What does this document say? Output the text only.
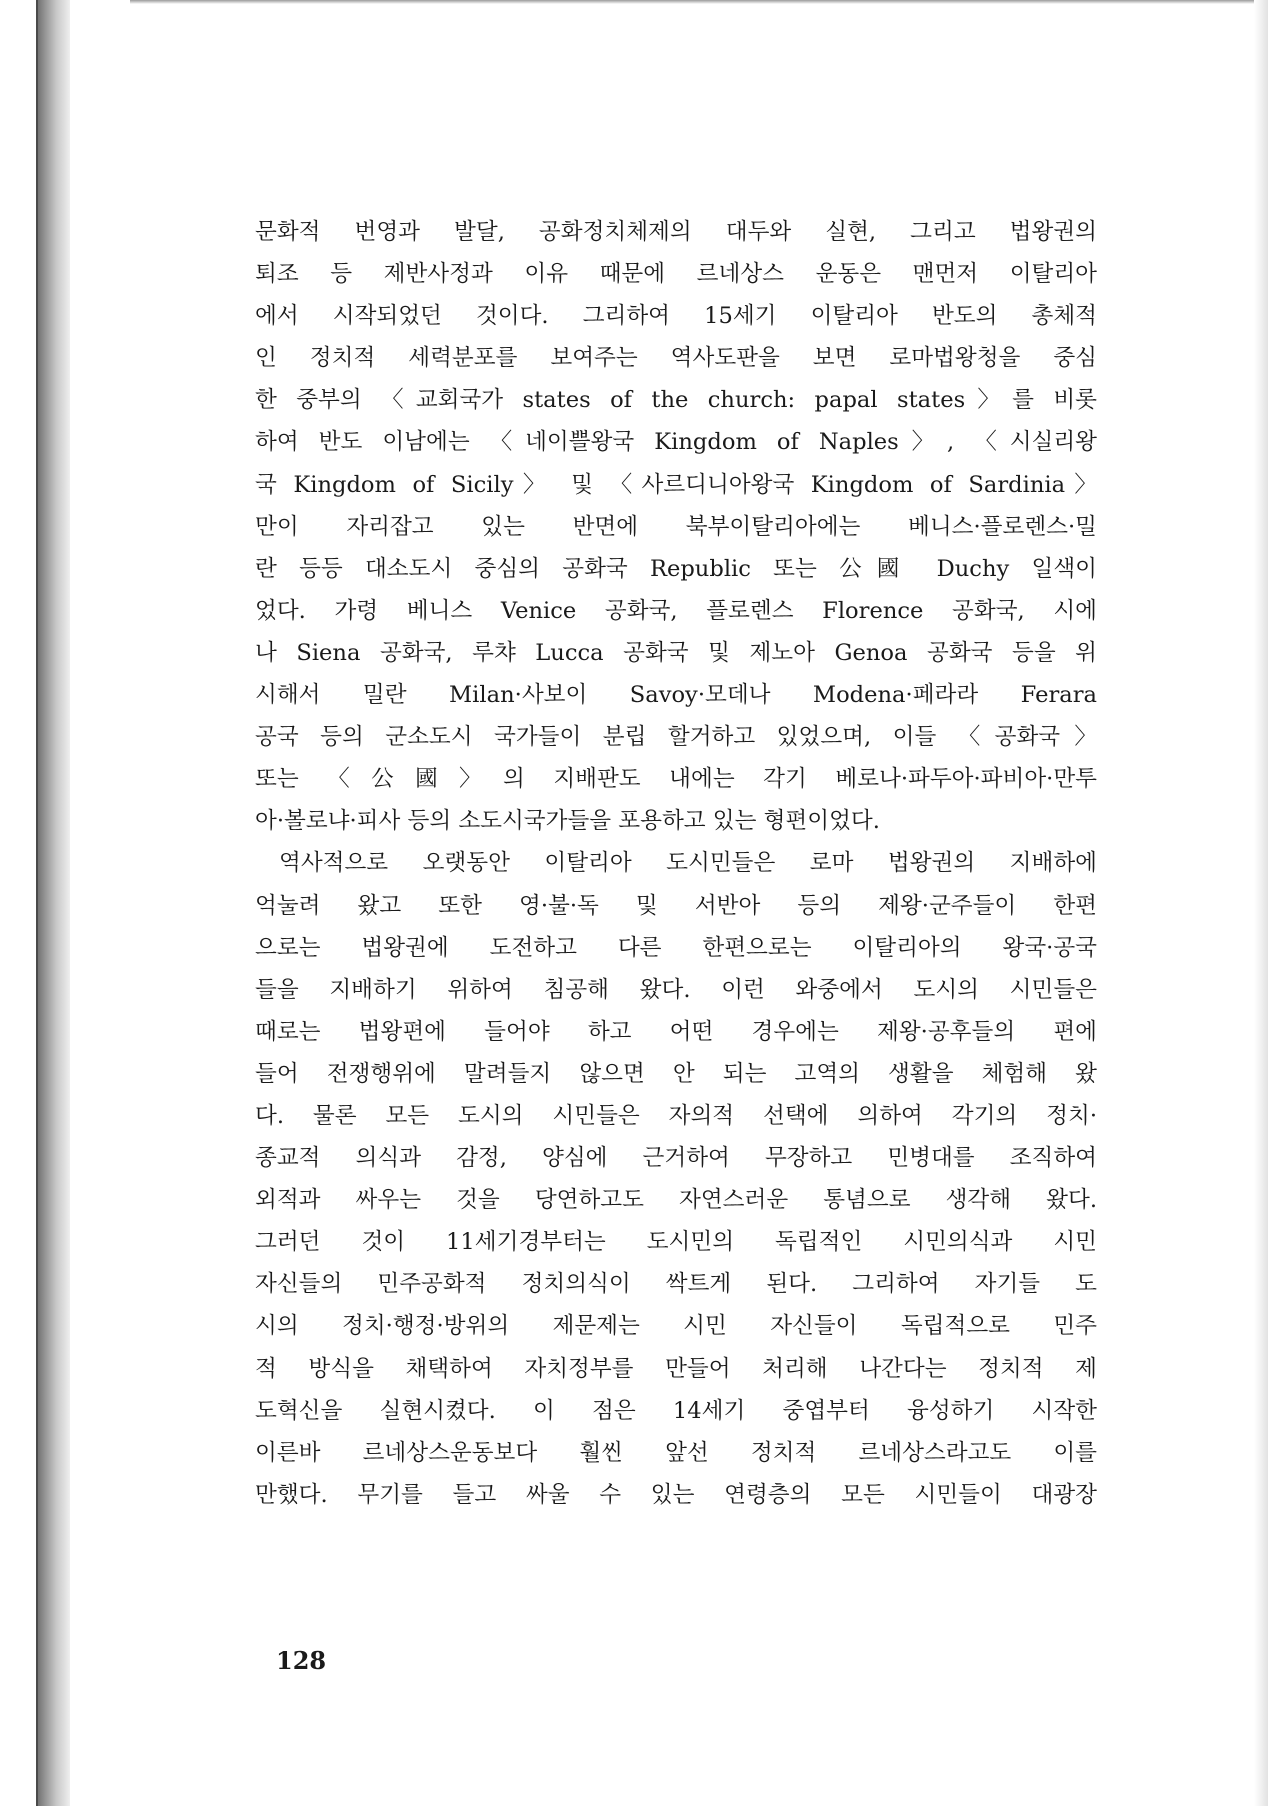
문화적 번영과 발달, 공화정치체제의 대두와 실현, 그리고 법왕권의
퇴조 등 제반사정과 이유 때문에 르네상스 운동은 맨먼저 이탈리아
에서 시작되었던 것이다. 그리하여 15세기 이탈리아 반도의 총체적
인 정치적 세력분포를 보여주는 역사도판을 보면 로마법왕청을 중심
한 중부의 〈교회국가 states of the church: papal states〉를 비롯
하여 반도 이남에는 〈네이쁠왕국 Kingdom of Naples〉, 〈시실리왕
국 Kingdom of Sicily〉 및 〈사르디니아왕국 Kingdom of Sardinia〉
만이 자리잡고 있는 반면에 북부이탈리아에는 베니스·플로렌스·밀
란 등등 대소도시 중심의 공화국 Republic 또는 公國 Duchy 일색이
었다. 가령 베니스 Venice 공화국, 플로렌스 Florence 공화국, 시에
나 Siena 공화국, 루챠 Lucca 공화국 및 제노아 Genoa 공화국 등을 위
시해서 밀란 Milan·사보이 Savoy·모데나 Modena·페라라 Ferara
공국 등의 군소도시 국가들이 분립 할거하고 있었으며, 이들 〈공화국〉
또는 〈公國〉의 지배판도 내에는 각기 베로나·파두아·파비아·만투
아·볼로냐·피사 등의 소도시국가들을 포용하고 있는 형편이었다.
역사적으로 오랫동안 이탈리아 도시민들은 로마 법왕권의 지배하에
억눌려 왔고 또한 영·불·독 및 서반아 등의 제왕·군주들이 한편
으로는 법왕권에 도전하고 다른 한편으로는 이탈리아의 왕국·공국
들을 지배하기 위하여 침공해 왔다. 이런 와중에서 도시의 시민들은
때로는 법왕편에 들어야 하고 어떤 경우에는 제왕·공후들의 편에
들어 전쟁행위에 말려들지 않으면 안 되는 고역의 생활을 체험해 왔
다. 물론 모든 도시의 시민들은 자의적 선택에 의하여 각기의 정치·
종교적 의식과 감정, 양심에 근거하여 무장하고 민병대를 조직하여
외적과 싸우는 것을 당연하고도 자연스러운 통념으로 생각해 왔다.
그러던 것이 11세기경부터는 도시민의 독립적인 시민의식과 시민
자신들의 민주공화적 정치의식이 싹트게 된다. 그리하여 자기들 도
시의 정치·행정·방위의 제문제는 시민 자신들이 독립적으로 민주
적 방식을 채택하여 자치정부를 만들어 처리해 나간다는 정치적 제
도혁신을 실현시켰다. 이 점은 14세기 중엽부터 융성하기 시작한
이른바 르네상스운동보다 훨씬 앞선 정치적 르네상스라고도 이를
만했다. 무기를 들고 싸울 수 있는 연령층의 모든 시민들이 대광장
128
